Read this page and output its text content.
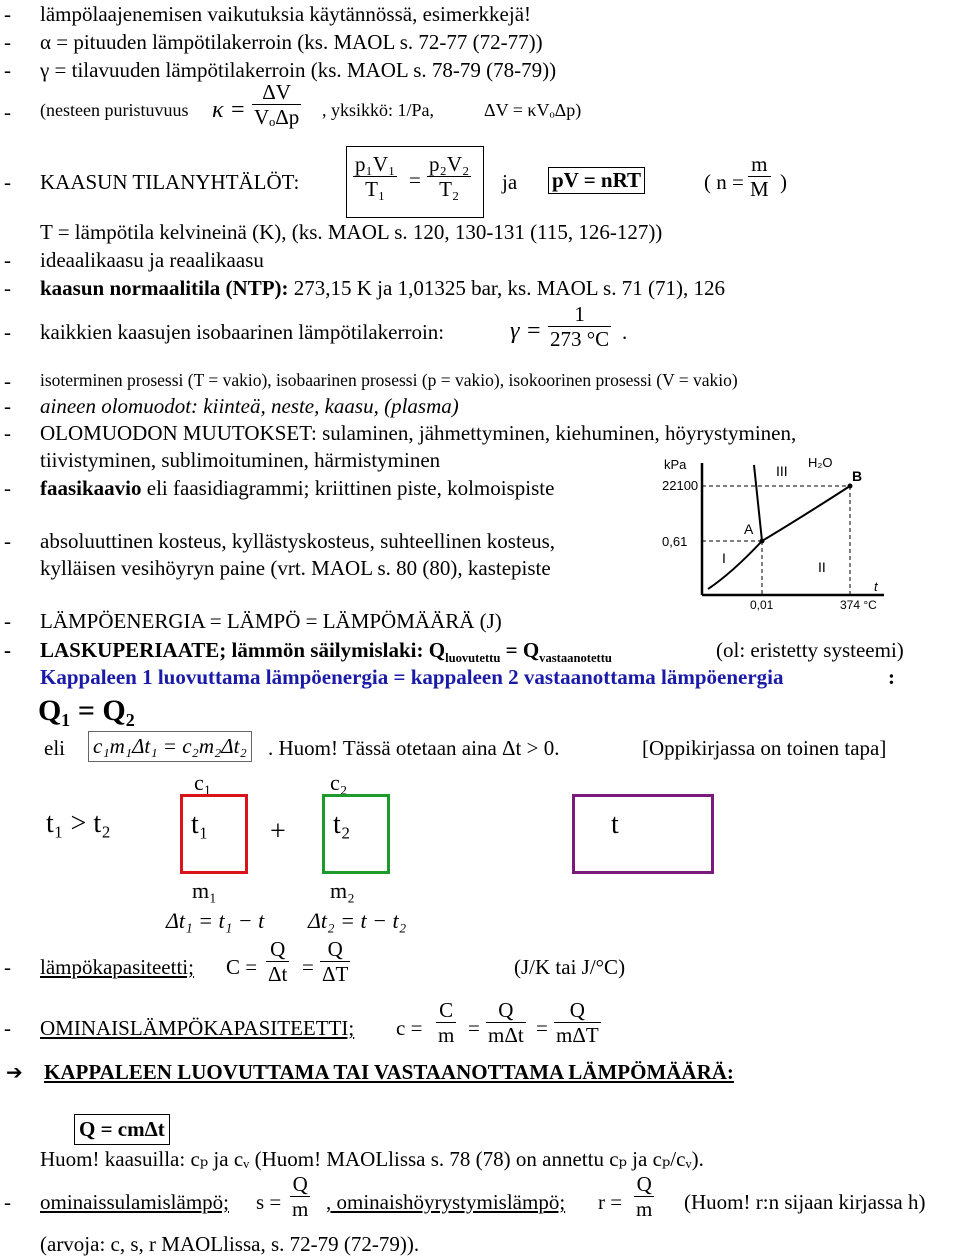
- lämpölaajenemisen vaikutuksia käytännössä, esimerkkejä!
- α = pituuden lämpötilakerroin (ks. MAOL s. 72-77 (72-77))
- γ = tilavuuden lämpötilakerroin (ks. MAOL s. 78-79 (78-79))
- (nesteen puristuvuus $\kappa = \frac{\Delta V}{\text{VₒΔp}}$ , yksikkö: 1/Pa,	ΔV = κVₒΔp)
- KAASUN TILANYHTÄLÖT:	$\frac{\text{p₁V₁}}{\text{T₁}} = \frac{\text{p₂V₂}}{\text{T₂}}$ ja pV = nRT	( $n = \frac{m}{M}$ )
T = lämpötila kelvineinä (K), (ks. MAOL s. 120, 130-131 (115, 126-127))
- ideaalikaasu ja reaalikaasu
- kaasun normaalitila (NTP): 273,15 K ja 1,01325 bar, ks. MAOL s. 71 (71), 126
- kaikkien kaasujen isobaarinen lämpötilakerroin:	$\gamma = \frac{1}{273 ^\circ C}$ .
- isoterminen prosessi (T = vakio), isobaarinen prosessi (p = vakio), isokoorinen prosessi (V = vakio)
- aineen olomuodot: kiinteä, neste, kaasu, (plasma)
- OLOMUODON MUUTOKSET: sulaminen, jähmettyminen, kiehuminen, höyrystyminen,
tiivistyminen, sublimoituminen, härmistyminen
- faasikaavio eli faasidiagrammi; kriittinen piste, kolmoispiste
kPa	H₂O
22100
0,61
B
A
III
I
II
t
0,01	374 °C
- absoluuttinen kosteus, kyllästyskosteus, suhteellinen kosteus,
kylläisen vesihöyryn paine (vrt. MAOL s. 80 (80), kastepiste
- LÄMPÖENERGIA = LÄMPÖ = LÄMPÖMÄÄRÄ (J)
- LASKUPERIAATE; lämmön säilymislaki: $Q_{luovutettu} = Q_{vastaanotettu}$	(ol: eristetty systeemi)
Kappaleen 1 luovuttama lämpöenergia = kappaleen 2 vastaanottama lämpöenergia	:
Q₁ = Q₂
eli c₁m₁Δt₁ = c₂m₂Δt₂ . Huom! Tässä otetaan aina Δt > 0.	[Oppikirjassa on toinen tapa]
c₁	c₂
t₁ > t₂	t₁ + t₂	t
m₁	m₂
Δt₁ = t₁ − t Δt₂ = t − t₂
- lämpökapasiteetti; $C = \frac{Q}{\Delta t} = \frac{Q}{\Delta T}$	(J/K tai J/°C)
- OMINAISLÄMPÖKAPASITEETTI; $c = \frac{C}{m} = \frac{Q}{\text{mΔt}} = \frac{Q}{\text{mΔT}}$
➔ KAPPALEEN LUOVUTTAMA TAI VASTAANOTTAMA LÄMPÖMÄÄRÄ:
Q = cmΔt
Huom! kaasuilla: cₚ ja cᵥ (Huom! MAOLlissa s. 78 (78) on annettu cₚ ja cₚ/cᵥ).
- ominaissulamislämpö; $s = \frac{Q}{m}$ , ominaishöyrystymislämpö; $r = \frac{Q}{m}$ (Huom! r:n sijaan kirjassa h)
(arvoja: c, s, r MAOLlissa, s. 72-79 (72-79)).
